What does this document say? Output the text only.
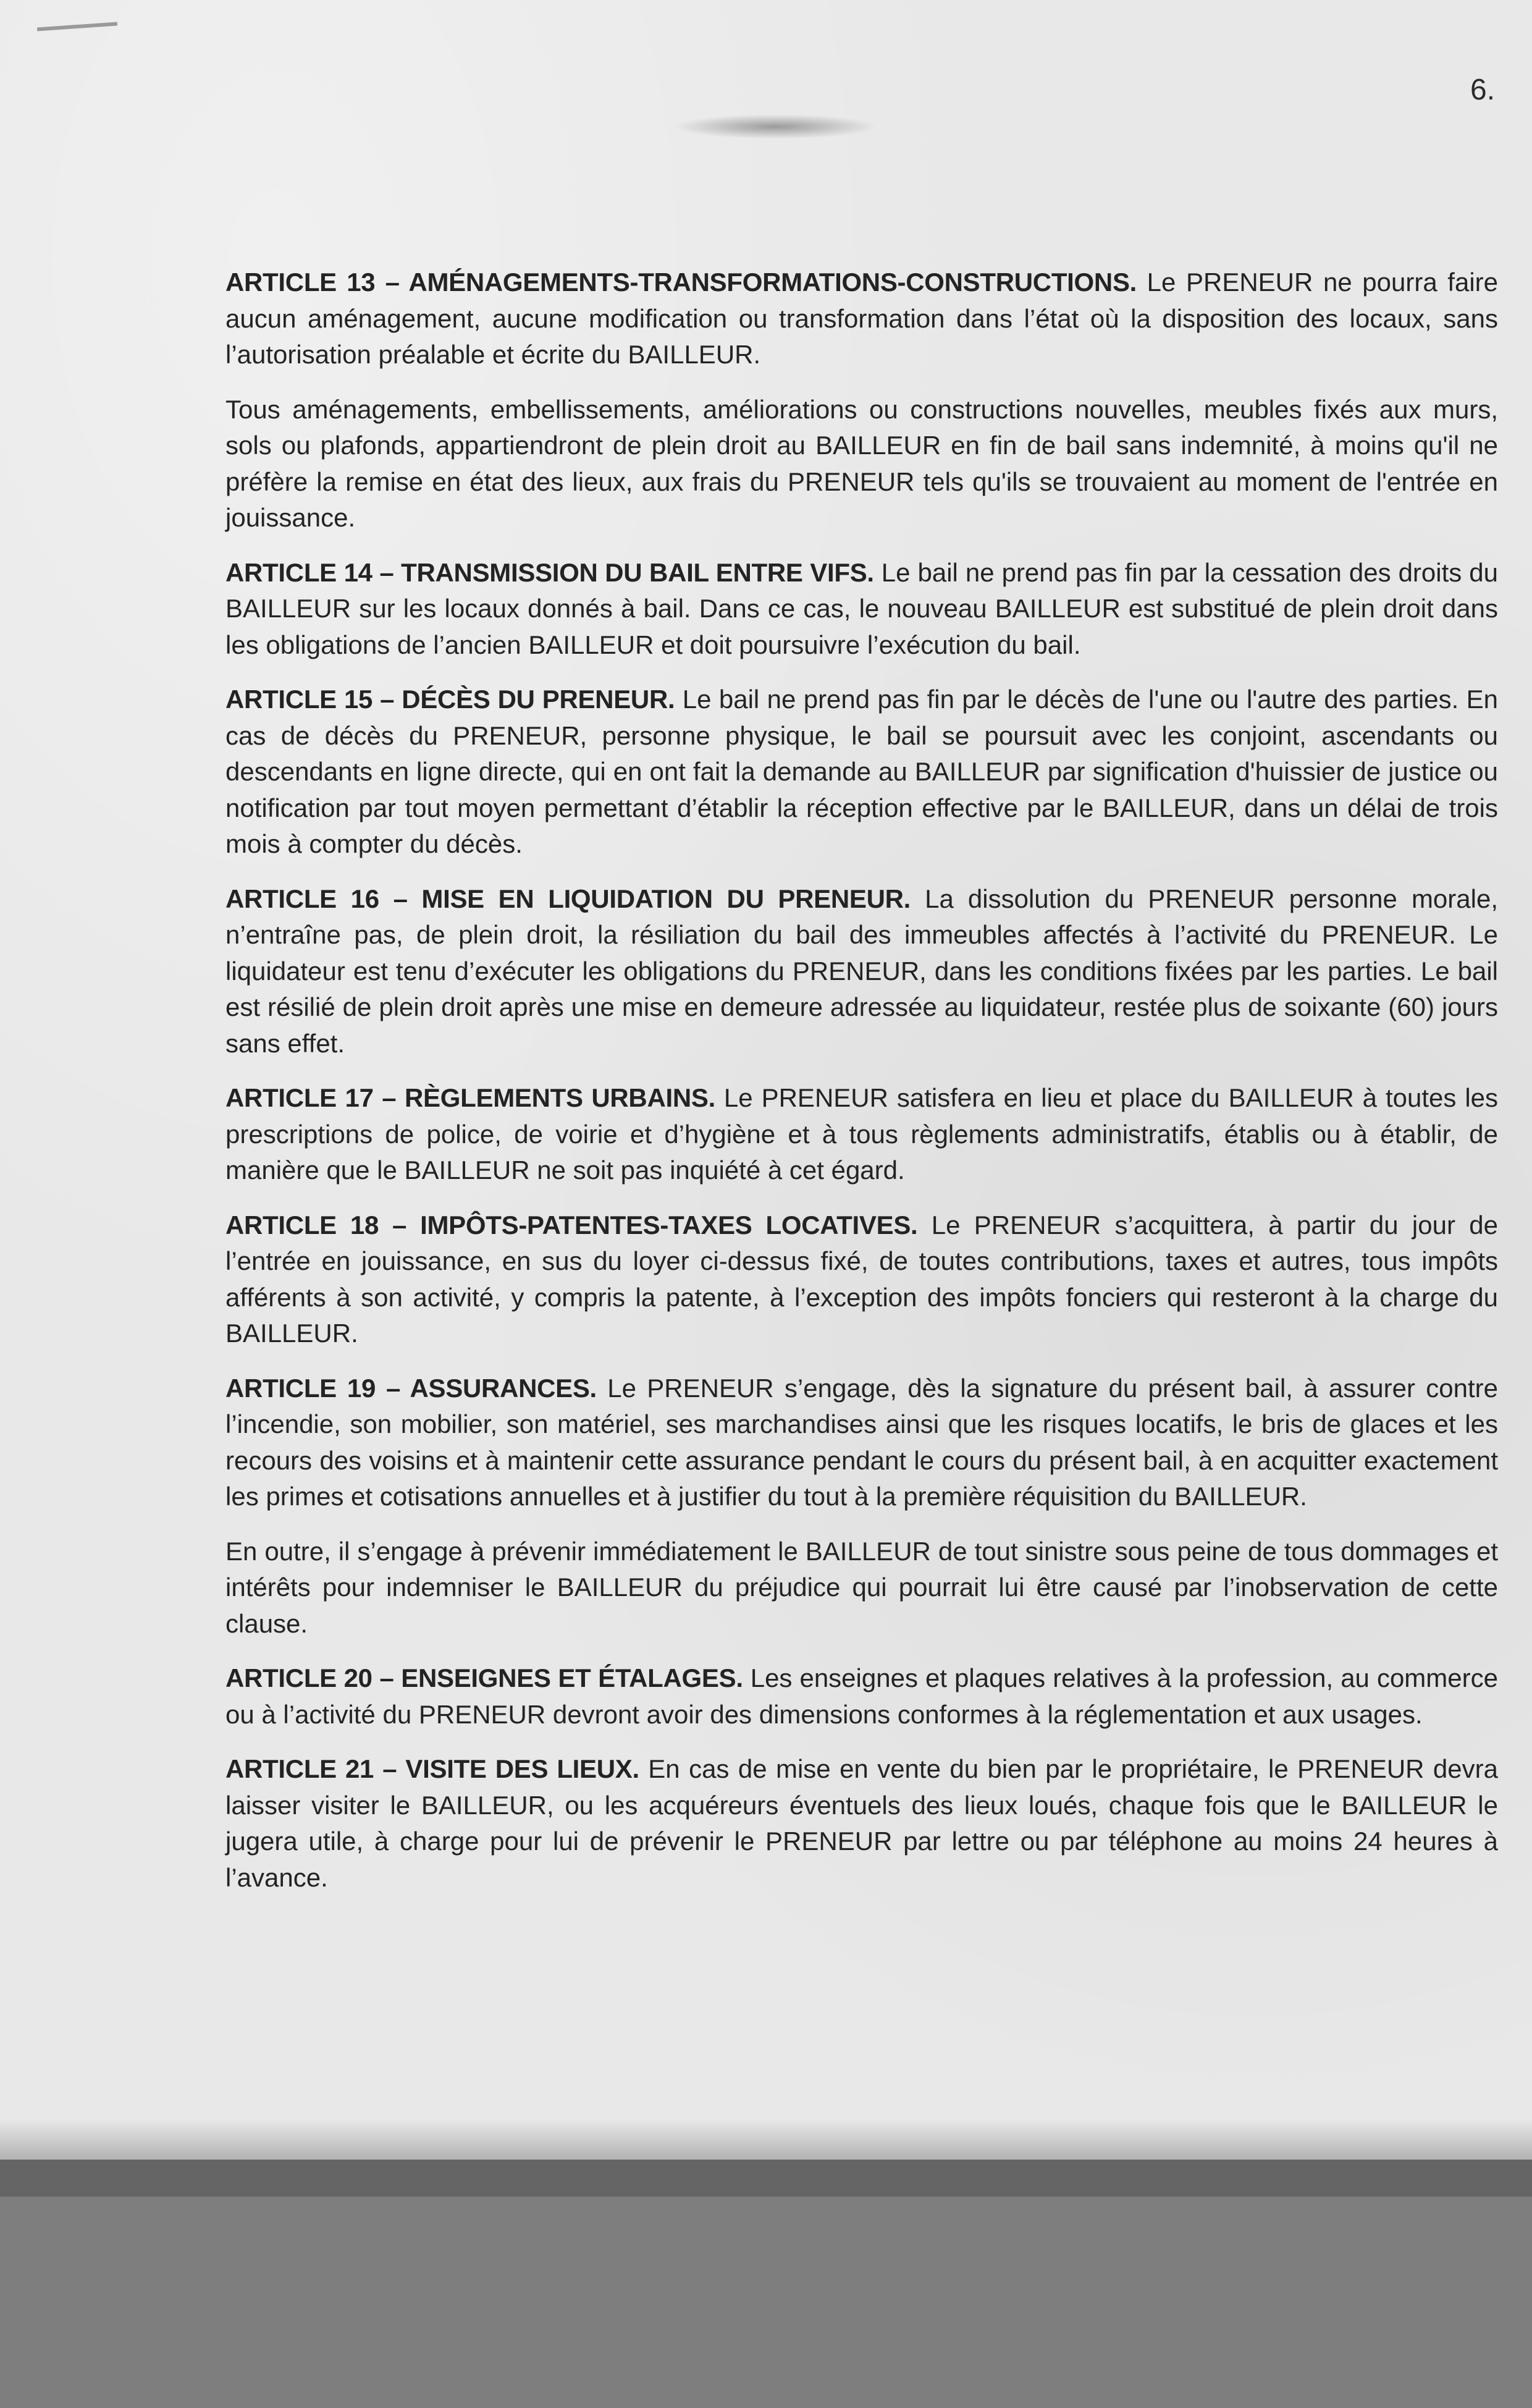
6.

ARTICLE 13 – AMÉNAGEMENTS-TRANSFORMATIONS-CONSTRUCTIONS. Le PRENEUR ne pourra faire aucun aménagement, aucune modification ou transformation dans l’état où la disposition des locaux, sans l’autorisation préalable et écrite du BAILLEUR.

Tous aménagements, embellissements, améliorations ou constructions nouvelles, meubles fixés aux murs, sols ou plafonds, appartiendront de plein droit au BAILLEUR en fin de bail sans indemnité, à moins qu'il ne préfère la remise en état des lieux, aux frais du PRENEUR tels qu'ils se trouvaient au moment de l'entrée en jouissance.

ARTICLE 14 – TRANSMISSION DU BAIL ENTRE VIFS. Le bail ne prend pas fin par la cessation des droits du BAILLEUR sur les locaux donnés à bail. Dans ce cas, le nouveau BAILLEUR est substitué de plein droit dans les obligations de l’ancien BAILLEUR et doit poursuivre l’exécution du bail.

ARTICLE 15 – DÉCÈS DU PRENEUR. Le bail ne prend pas fin par le décès de l'une ou l'autre des parties. En cas de décès du PRENEUR, personne physique, le bail se poursuit avec les conjoint, ascendants ou descendants en ligne directe, qui en ont fait la demande au BAILLEUR par signification d'huissier de justice ou notification par tout moyen permettant d’établir la réception effective par le BAILLEUR, dans un délai de trois mois à compter du décès.

ARTICLE 16 – MISE EN LIQUIDATION DU PRENEUR. La dissolution du PRENEUR personne morale, n’entraîne pas, de plein droit, la résiliation du bail des immeubles affectés à l’activité du PRENEUR. Le liquidateur est tenu d’exécuter les obligations du PRENEUR, dans les conditions fixées par les parties. Le bail est résilié de plein droit après une mise en demeure adressée au liquidateur, restée plus de soixante (60) jours sans effet.

ARTICLE 17 – RÈGLEMENTS URBAINS. Le PRENEUR satisfera en lieu et place du BAILLEUR à toutes les prescriptions de police, de voirie et d’hygiène et à tous règlements administratifs, établis ou à établir, de manière que le BAILLEUR ne soit pas inquiété à cet égard.

ARTICLE 18 – IMPÔTS-PATENTES-TAXES LOCATIVES. Le PRENEUR s’acquittera, à partir du jour de l’entrée en jouissance, en sus du loyer ci-dessus fixé, de toutes contributions, taxes et autres, tous impôts afférents à son activité, y compris la patente, à l’exception des impôts fonciers qui resteront à la charge du BAILLEUR.

ARTICLE 19 – ASSURANCES. Le PRENEUR s’engage, dès la signature du présent bail, à assurer contre l’incendie, son mobilier, son matériel, ses marchandises ainsi que les risques locatifs, le bris de glaces et les recours des voisins et à maintenir cette assurance pendant le cours du présent bail, à en acquitter exactement les primes et cotisations annuelles et à justifier du tout à la première réquisition du BAILLEUR.

En outre, il s’engage à prévenir immédiatement le BAILLEUR de tout sinistre sous peine de tous dommages et intérêts pour indemniser le BAILLEUR du préjudice qui pourrait lui être causé par l’inobservation de cette clause.

ARTICLE 20 – ENSEIGNES ET ÉTALAGES. Les enseignes et plaques relatives à la profession, au commerce ou à l’activité du PRENEUR devront avoir des dimensions conformes à la réglementation et aux usages.

ARTICLE 21 – VISITE DES LIEUX. En cas de mise en vente du bien par le propriétaire, le PRENEUR devra laisser visiter le BAILLEUR, ou les acquéreurs éventuels des lieux loués, chaque fois que le BAILLEUR le jugera utile, à charge pour lui de prévenir le PRENEUR par lettre ou par téléphone au moins 24 heures à l’avance.
